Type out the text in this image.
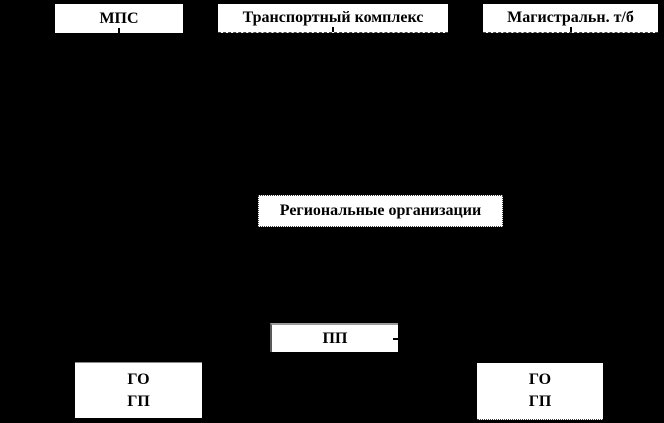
МПС	Транспортный комплекс	Магистральн. т/б
Региональные организации
ПП
ГО
ГП
ГО
ГП
